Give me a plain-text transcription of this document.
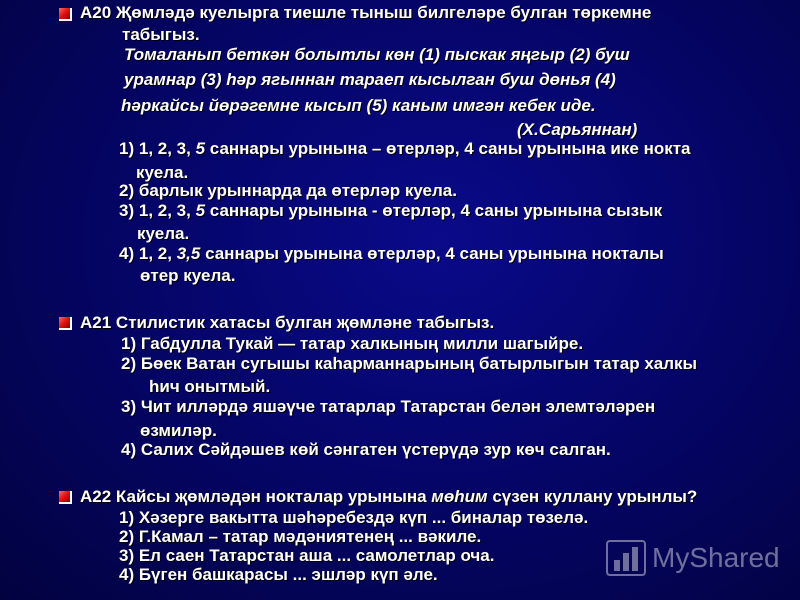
A20 Җөмләдә куелырга тиешле тыныш билгеләре булган төркемне
табыгыз.
Томаланып беткән болытлы көн (1) пыскак яңгыр (2) буш
урамнар (3) һәр ягыннан тараеп кысылган буш дөнья (4)
һәркайсы йөрәгемне кысып (5) каным имгән кебек иде.
(Х.Сарьяннан)
1) 1, 2, 3, 5 саннары урынына – өтерләр, 4 саны урынына ике нокта
куела.
2) барлык урыннарда да өтерләр куела.
3) 1, 2, 3, 5 саннары урынына - өтерләр, 4 саны урынына сызык
куела.
4) 1, 2, 3,5 саннары урынына өтерләр, 4 саны урынына нокталы
өтер куела.
A21 Стилистик хатасы булган җөмләне табыгыз.
1) Габдулла Тукай — татар халкының милли шагыйре.
2) Бөек Ватан сугышы каһарманнарының батырлыгын татар халкы
һич онытмый.
3) Чит илләрдә яшәүче татарлар Татарстан белән элемтәләрен
өзмиләр.
4) Салих Сәйдәшев көй сәнгатен үстерүдә зур көч салган.
A22 Кайсы җөмләдән нокталар урынына мөһим сүзен куллану урынлы?
1) Хәзерге вакытта шәһәребездә күп ... биналар төзелә.
2) Г.Камал – татар мәдәниятенең ... вәкиле.
3) Ел саен Татарстан аша ... самолетлар оча.
4) Бүген башкарасы ... эшләр күп әле.
MyShared
